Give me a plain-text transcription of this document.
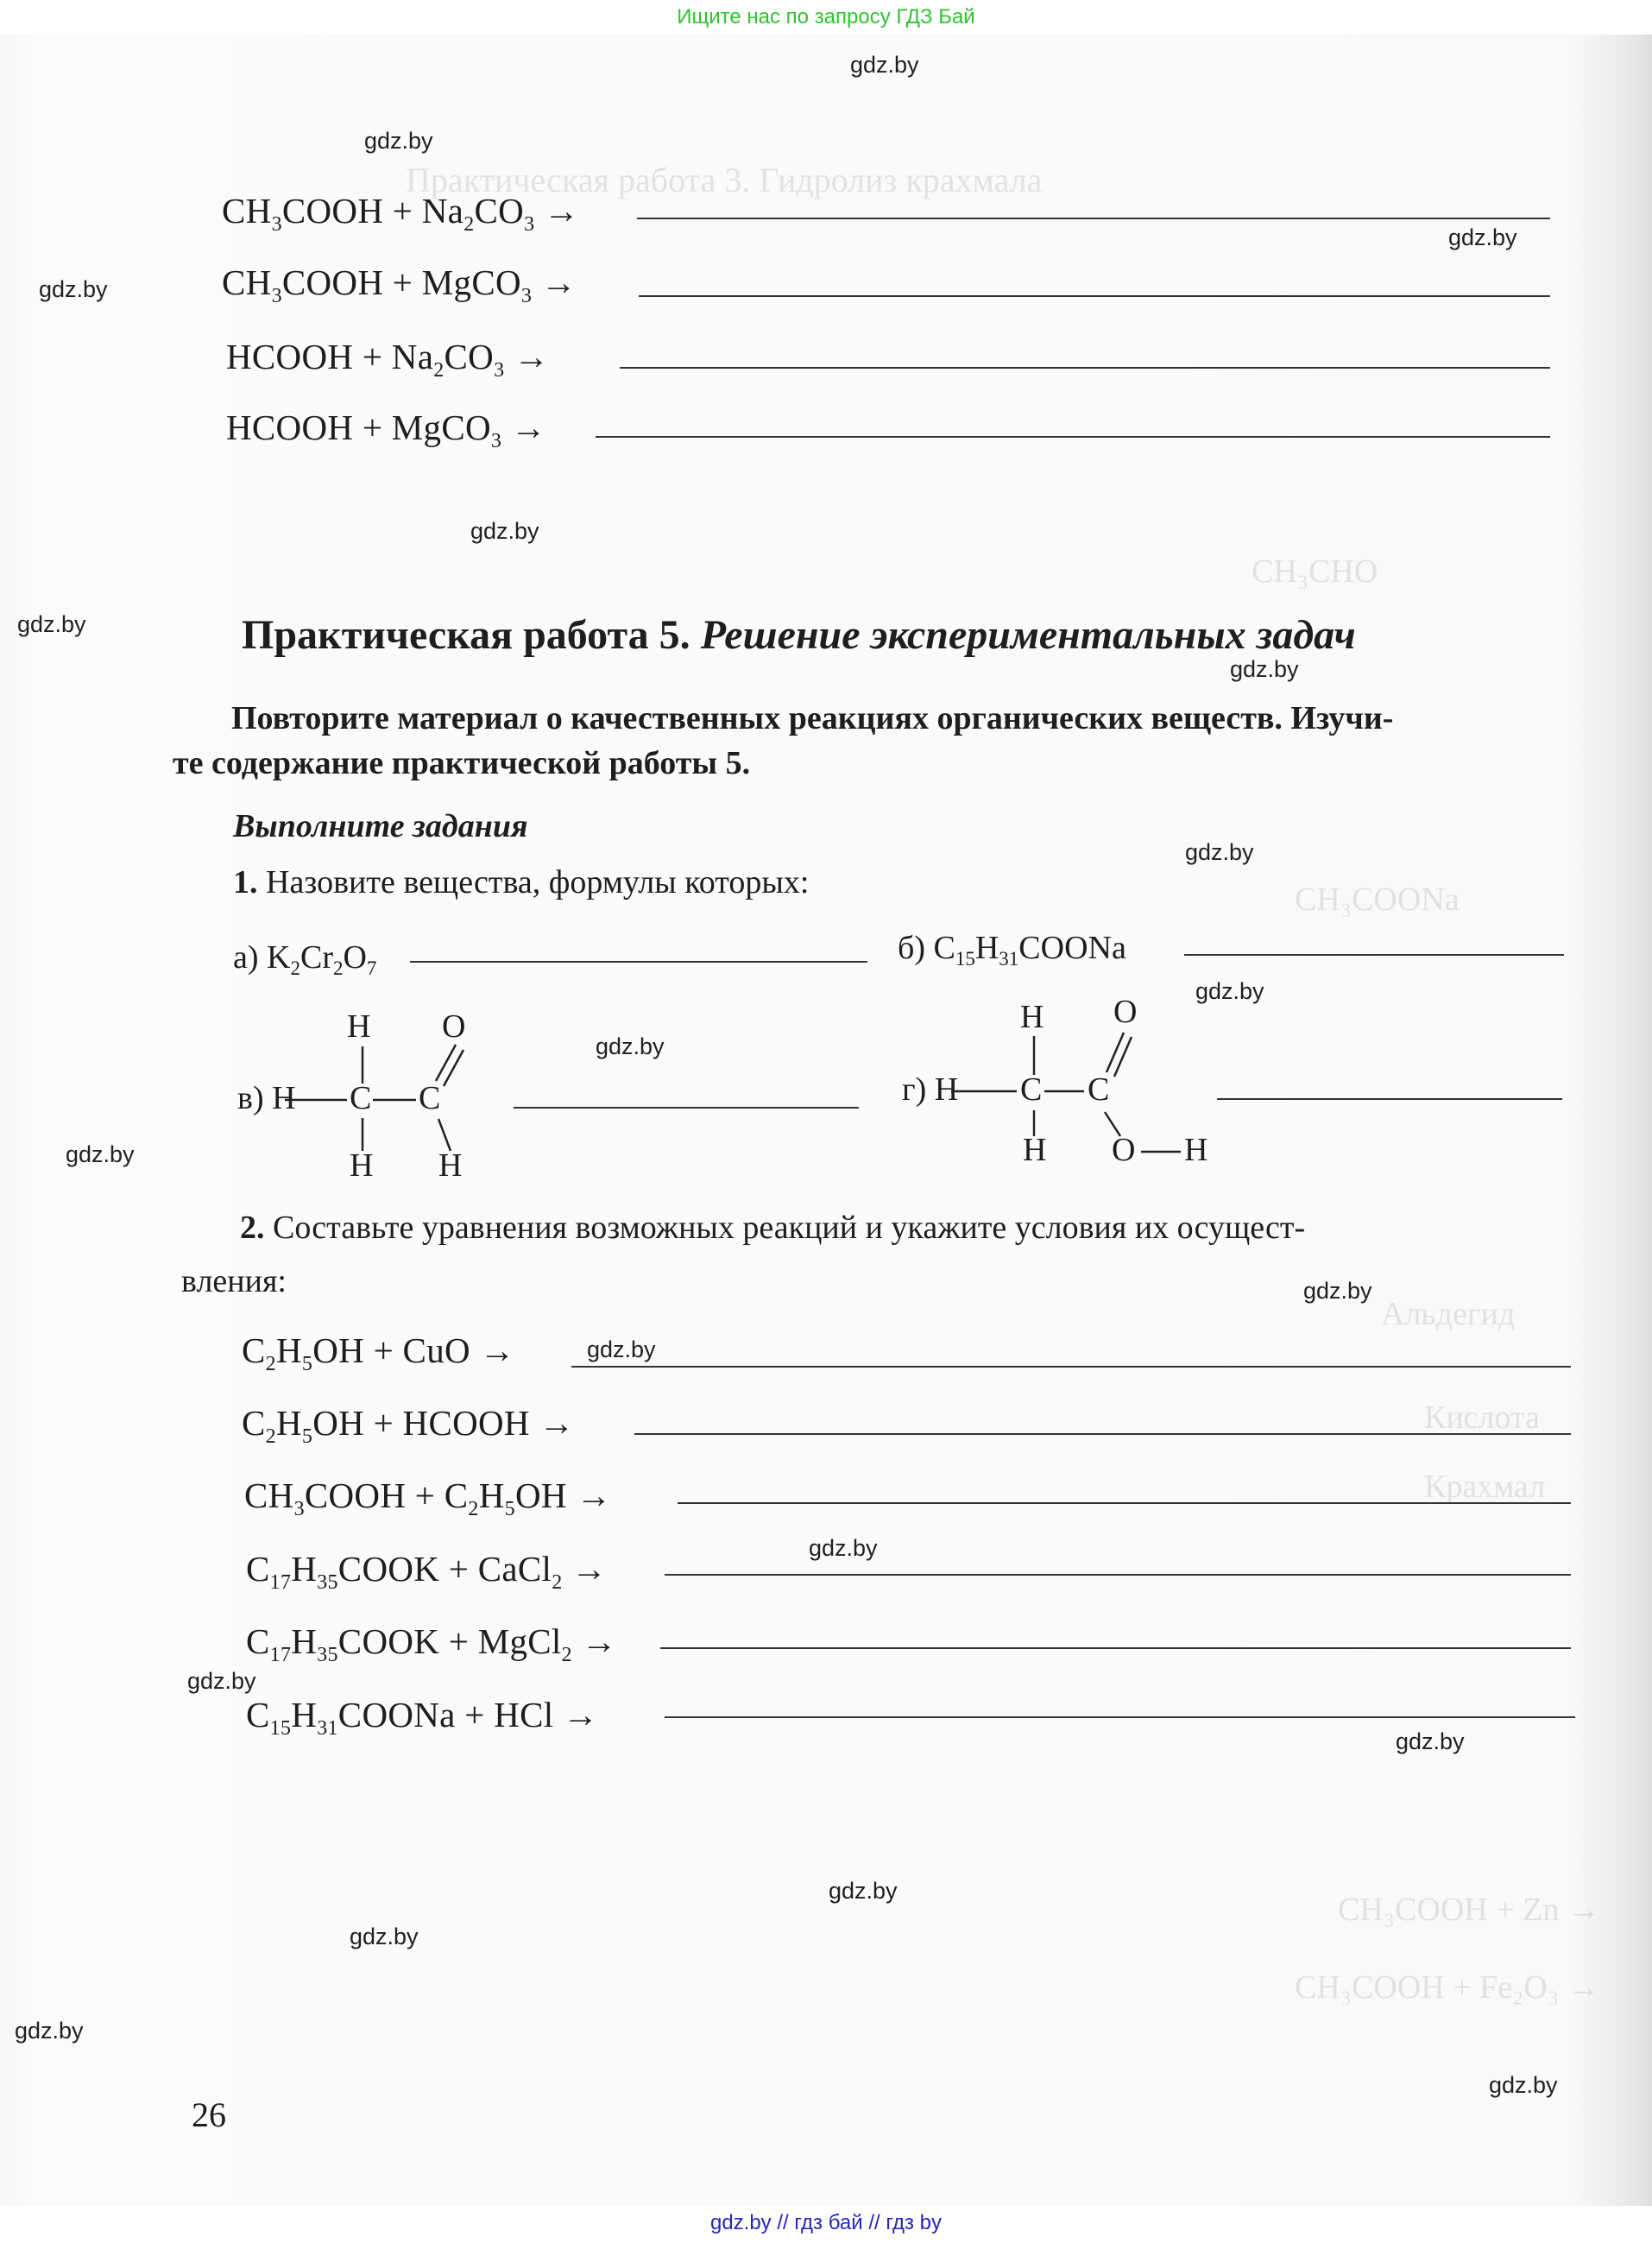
Практическая работа 3. Гидролиз крахмала
CH₃CHO
CH₃COONa
Альдегид
Кислота
Крахмал
CH₃COOH + Zn →
CH₃COOH + Fe₂O₃ →
$CH_3COOH + Na_2CO_3$ →
$CH_3COOH$ + MgCO$_3$ →
HCOOH + $Na_2CO_3$ →
HCOOH + MgCO$_3$ →
Практическая работа 5. Решение экспериментальных задач
Повторите материал о качественных реакциях органических веществ. Изучи-
те содержание практической работы 5.
Выполните задания
1. Назовите вещества, формулы которых:
а) $K_2Cr_2O_7$
б) $C_{15}H_{31}COONa$
H O
в) H C C
H H
H O
г) H C C
H O H
2. Составьте уравнения возможных реакций и укажите условия их осущест-
вления:
$C_2H_5OH$ + CuO →
$C_2H_5OH$ + HCOOH →
$CH_3COOH + C_2H_5OH$ →
$C_{17}H_{35}COOK$ + CaCl$_2$ →
$C_{17}H_{35}COOK$ + MgCl$_2$ →
$C_{15}H_{31}COONa$ + HCl →
26
gdz.by
gdz.by
gdz.by
gdz.by
gdz.by
gdz.by
gdz.by
gdz.by
gdz.by
gdz.by
gdz.by
gdz.by
gdz.by
gdz.by
gdz.by
gdz.by
gdz.by
gdz.by
gdz.by
gdz.by
Ищите нас по запросу ГДЗ Бай
gdz.by // гдз бай // гдз by
